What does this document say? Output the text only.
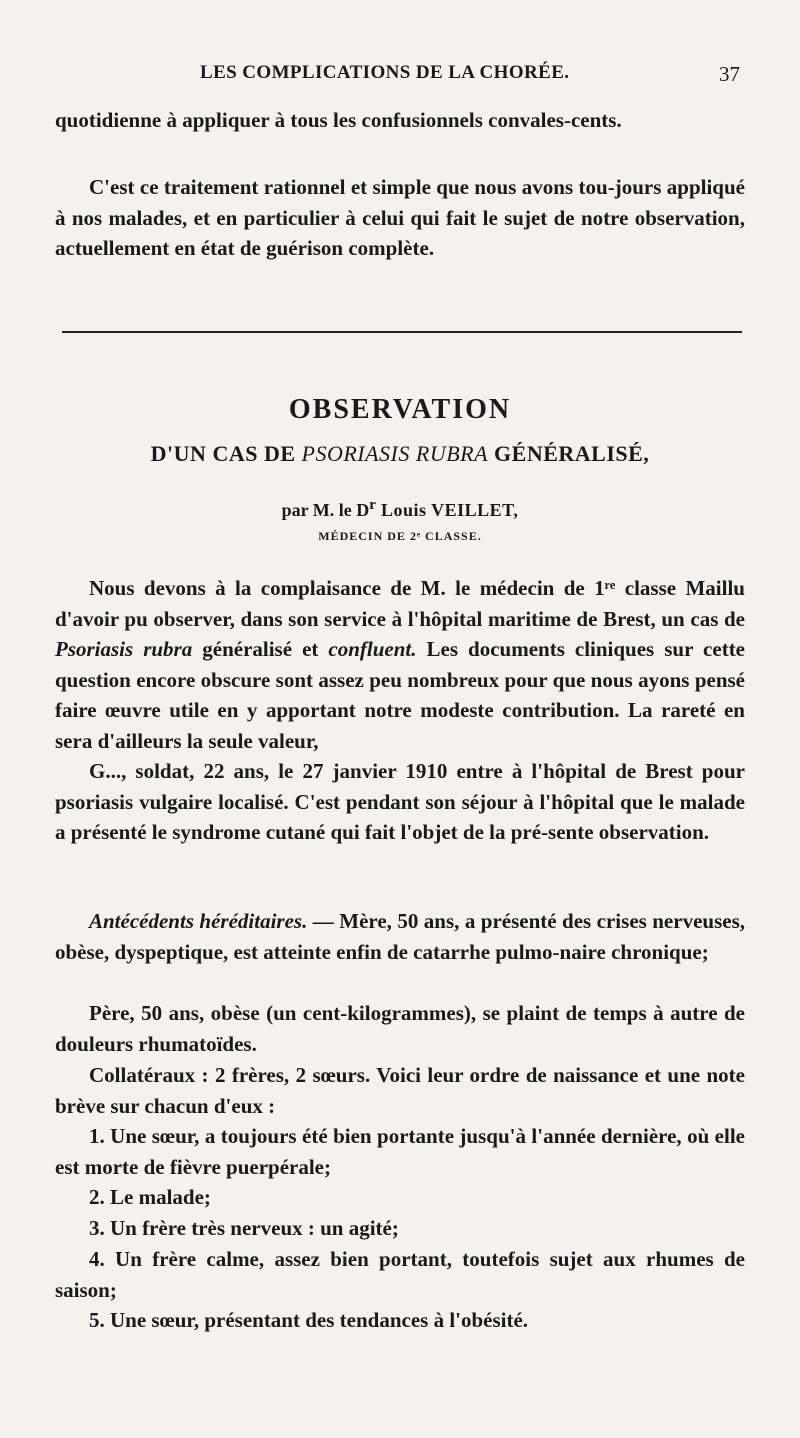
LES COMPLICATIONS DE LA CHORÉE.	37

quotidienne à appliquer à tous les confusionnels convales-cents.

C'est ce traitement rationnel et simple que nous avons tou-jours appliqué à nos malades, et en particulier à celui qui fait le sujet de notre observation, actuellement en état de guérison complète.

OBSERVATION
D'UN CAS DE PSORIASIS RUBRA GÉNÉRALISÉ,
par M. le $D^r$ Louis VEILLET,
MÉDECIN DE 2ᵉ CLASSE.

Nous devons à la complaisance de M. le médecin de 1ʳᵉ classe Maillu d'avoir pu observer, dans son service à l'hôpital maritime de Brest, un cas de Psoriasis rubra généralisé et confluent. Les documents cliniques sur cette question encore obscure sont assez peu nombreux pour que nous ayons pensé faire œuvre utile en y apportant notre modeste contribution. La rareté en sera d'ailleurs la seule valeur,

G..., soldat, 22 ans, le 27 janvier 1910 entre à l'hôpital de Brest pour psoriasis vulgaire localisé. C'est pendant son séjour à l'hôpital que le malade a présenté le syndrome cutané qui fait l'objet de la pré-sente observation.

Antécédents héréditaires. — Mère, 50 ans, a présenté des crises nerveuses, obèse, dyspeptique, est atteinte enfin de catarrhe pulmo-naire chronique;

Père, 50 ans, obèse (un cent-kilogrammes), se plaint de temps à autre de douleurs rhumatoïdes.

Collatéraux : 2 frères, 2 sœurs. Voici leur ordre de naissance et une note brève sur chacun d'eux :

1. Une sœur, a toujours été bien portante jusqu'à l'année dernière, où elle est morte de fièvre puerpérale;

2. Le malade;

3. Un frère très nerveux : un agité;

4. Un frère calme, assez bien portant, toutefois sujet aux rhumes de saison;

5. Une sœur, présentant des tendances à l'obésité.
